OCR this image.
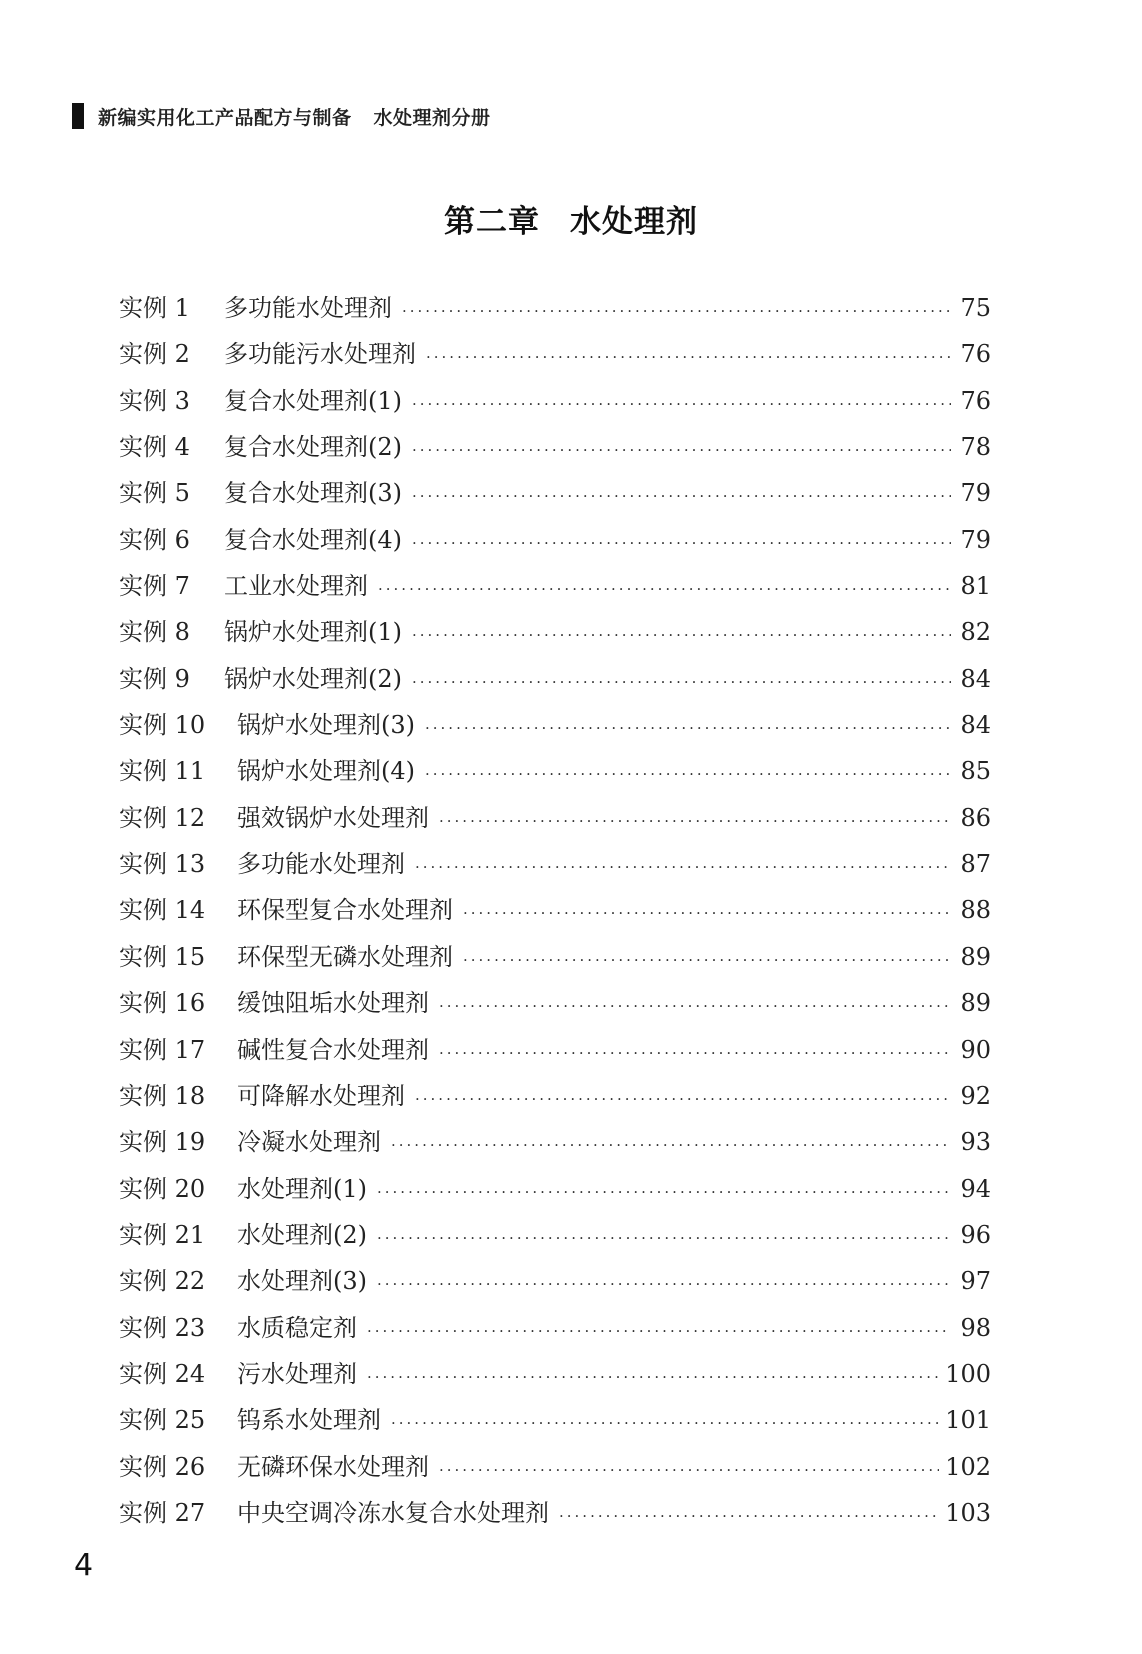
新编实用化工产品配方与制备 水处理剂分册
第二章 水处理剂
实例 1	多功能水处理剂 ·····	75
实例 2	多功能污水处理剂 ·····	76
实例 3	复合水处理剂(1) ·····	76
实例 4	复合水处理剂(2) ·····	78
实例 5	复合水处理剂(3) ·····	79
实例 6	复合水处理剂(4) ·····	79
实例 7	工业水处理剂 ·····	81
实例 8	锅炉水处理剂(1) ·····	82
实例 9	锅炉水处理剂(2) ·····	84
实例 10	锅炉水处理剂(3) ·····	84
实例 11	锅炉水处理剂(4) ·····	85
实例 12	强效锅炉水处理剂 ·····	86
实例 13	多功能水处理剂 ·····	87
实例 14	环保型复合水处理剂 ·····	88
实例 15	环保型无磷水处理剂 ·····	89
实例 16	缓蚀阻垢水处理剂 ·····	89
实例 17	碱性复合水处理剂 ·····	90
实例 18	可降解水处理剂 ·····	92
实例 19	冷凝水处理剂 ·····	93
实例 20	水处理剂(1) ·····	94
实例 21	水处理剂(2) ·····	96
实例 22	水处理剂(3) ·····	97
实例 23	水质稳定剂 ·····	98
实例 24	污水处理剂 ·····	100
实例 25	钨系水处理剂 ·····	101
实例 26	无磷环保水处理剂 ·····	102
实例 27	中央空调冷冻水复合水处理剂 ·····	103
4
